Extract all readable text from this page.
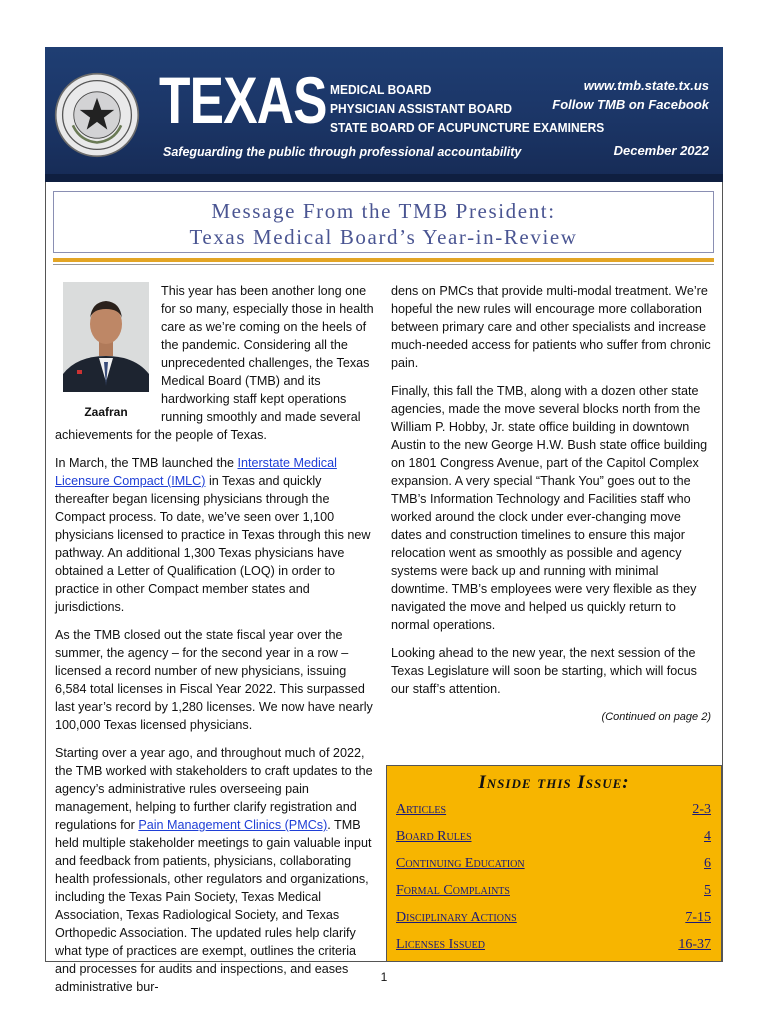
TEXAS MEDICAL BOARD
PHYSICIAN ASSISTANT BOARD
STATE BOARD OF ACUPUNCTURE EXAMINERS
Safeguarding the public through professional accountability
www.tmb.state.tx.us
Follow TMB on Facebook
December 2022
Message From the TMB President:
Texas Medical Board’s Year-in-Review
Zaafran

This year has been another long one for so many, especially those in health care as we’re coming on the heels of the pandemic. Considering all the unprecedented challenges, the Texas Medical Board (TMB) and its hardworking staff kept operations running smoothly and made several achievements for the people of Texas.

In March, the TMB launched the Interstate Medical Licensure Compact (IMLC) in Texas and quickly thereafter began licensing physicians through the Compact process. To date, we’ve seen over 1,100 physicians licensed to practice in Texas through this new pathway. An additional 1,300 Texas physicians have obtained a Letter of Qualification (LOQ) in order to practice in other Compact member states and jurisdictions.

As the TMB closed out the state fiscal year over the summer, the agency – for the second year in a row – licensed a record number of new physicians, issuing 6,584 total licenses in Fiscal Year 2022. This surpassed last year’s record by 1,280 licenses. We now have nearly 100,000 Texas licensed physicians.

Starting over a year ago, and throughout much of 2022, the TMB worked with stakeholders to craft updates to the agency’s administrative rules overseeing pain management, helping to further clarify registration and regulations for Pain Management Clinics (PMCs). TMB held multiple stakeholder meetings to gain valuable input and feedback from patients, physicians, collaborating health professionals, other regulators and organizations, including the Texas Pain Society, Texas Medical Association, Texas Radiological Society, and Texas Orthopedic Association. The updated rules help clarify what type of practices are exempt, outlines the criteria and processes for audits and inspections, and eases administrative bur-

dens on PMCs that provide multi-modal treatment. We’re hopeful the new rules will encourage more collaboration between primary care and other specialists and increase much-needed access for patients who suffer from chronic pain.

Finally, this fall the TMB, along with a dozen other state agencies, made the move several blocks north from the William P. Hobby, Jr. state office building in downtown Austin to the new George H.W. Bush state office building on 1801 Congress Avenue, part of the Capitol Complex expansion. A very special “Thank You” goes out to the TMB’s Information Technology and Facilities staff who worked around the clock under ever-changing move dates and construction timelines to ensure this major relocation went as smoothly as possible and agency systems were back up and running with minimal downtime. TMB’s employees were very flexible as they navigated the move and helped us quickly return to normal operations.

Looking ahead to the new year, the next session of the Texas Legislature will soon be starting, which will focus our staff’s attention.

(Continued on page 2)
Inside this Issue:
Articles	2-3
Board Rules	4
Continuing Education	6
Formal Complaints	5
Disciplinary Actions	7-15
Licenses Issued	16-37
1
